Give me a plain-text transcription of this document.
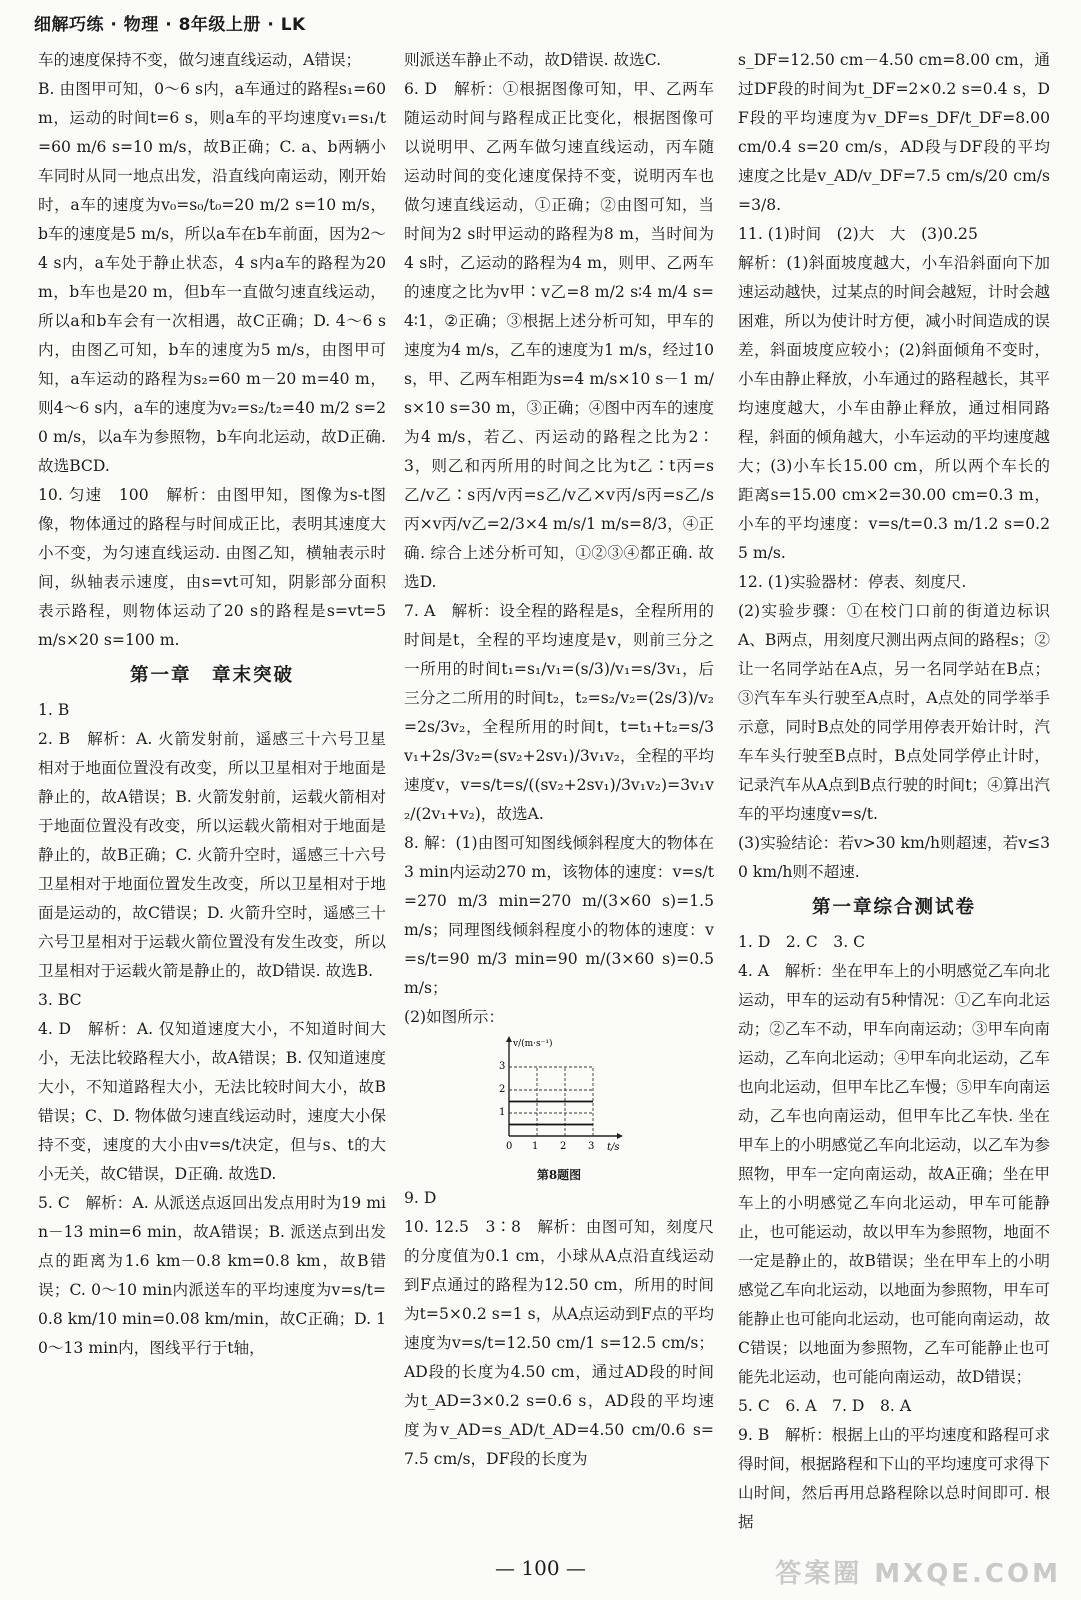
细解巧练 · 物理 · 8年级上册 · LK

车的速度保持不变，做匀速直线运动，A错误；

B. 由图甲可知，0～6 s内，a车通过的路程s₁=60 m，运动的时间t=6 s，则a车的平均速度v₁=s₁/t=60 m/6 s=10 m/s，故B正确；C. a、b两辆小车同时从同一地点出发，沿直线向南运动，刚开始时，a车的速度为v₀=s₀/t₀=20 m/2 s=10 m/s，b车的速度是5 m/s，所以a车在b车前面，因为2～4 s内，a车处于静止状态，4 s内a车的路程为20 m，b车也是20 m，但b车一直做匀速直线运动，所以a和b车会有一次相遇，故C正确；D. 4～6 s内，由图乙可知，b车的速度为5 m/s，由图甲可知，a车运动的路程为s₂=60 m－20 m=40 m，则4～6 s内，a车的速度为v₂=s₂/t₂=40 m/2 s=20 m/s，以a车为参照物，b车向北运动，故D正确. 故选BCD.

10. 匀速　100　解析：由图甲知，图像为s-t图像，物体通过的路程与时间成正比，表明其速度大小不变，为匀速直线运动. 由图乙知，横轴表示时间，纵轴表示速度，由s=vt可知，阴影部分面积表示路程，则物体运动了20 s的路程是s=vt=5 m/s×20 s=100 m.

第一章　章末突破

1. B

2. B　解析：A. 火箭发射前，遥感三十六号卫星相对于地面位置没有改变，所以卫星相对于地面是静止的，故A错误；B. 火箭发射前，运载火箭相对于地面位置没有改变，所以运载火箭相对于地面是静止的，故B正确；C. 火箭升空时，遥感三十六号卫星相对于地面位置发生改变，所以卫星相对于地面是运动的，故C错误；D. 火箭升空时，遥感三十六号卫星相对于运载火箭位置没有发生改变，所以卫星相对于运载火箭是静止的，故D错误. 故选B.

3. BC

4. D　解析：A. 仅知道速度大小，不知道时间大小，无法比较路程大小，故A错误；B. 仅知道速度大小，不知道路程大小，无法比较时间大小，故B错误；C、D. 物体做匀速直线运动时，速度大小保持不变，速度的大小由v=s/t决定，但与s、t的大小无关，故C错误，D正确. 故选D.

5. C　解析：A. 从派送点返回出发点用时为19 min－13 min=6 min，故A错误；B. 派送点到出发点的距离为1.6 km－0.8 km=0.8 km，故B错误；C. 0～10 min内派送车的平均速度为v=s/t=0.8 km/10 min=0.08 km/min，故C正确；D. 10～13 min内，图线平行于t轴，

则派送车静止不动，故D错误. 故选C.

6. D　解析：①根据图像可知，甲、乙两车随运动时间与路程成正比变化，根据图像可以说明甲、乙两车做匀速直线运动，丙车随运动时间的变化速度保持不变，说明丙车也做匀速直线运动，①正确；②由图可知，当时间为2 s时甲运动的路程为8 m，当时间为4 s时，乙运动的路程为4 m，则甲、乙两车的速度之比为v甲∶v乙=8 m/2 s∶4 m/4 s=4∶1，②正确；③根据上述分析可知，甲车的速度为4 m/s，乙车的速度为1 m/s，经过10 s，甲、乙两车相距为s=4 m/s×10 s－1 m/s×10 s=30 m，③正确；④图中丙车的速度为4 m/s，若乙、丙运动的路程之比为2∶3，则乙和丙所用的时间之比为t乙∶t丙=s乙/v乙∶s丙/v丙=s乙/v乙×v丙/s丙=s乙/s丙×v丙/v乙=2/3×4 m/s/1 m/s=8/3，④正确. 综合上述分析可知，①②③④都正确. 故选D.

7. A　解析：设全程的路程是s，全程所用的时间是t，全程的平均速度是v，则前三分之一所用的时间t₁=s₁/v₁=(s/3)/v₁=s/3v₁，后三分之二所用的时间t₂，t₂=s₂/v₂=(2s/3)/v₂=2s/3v₂，全程所用的时间t，t=t₁+t₂=s/3v₁+2s/3v₂=(sv₂+2sv₁)/3v₁v₂，全程的平均速度v，v=s/t=s/((sv₂+2sv₁)/3v₁v₂)=3v₁v₂/(2v₁+v₂)，故选A.

8. 解：(1)由图可知图线倾斜程度大的物体在3 min内运动270 m，该物体的速度：v=s/t=270 m/3 min=270 m/(3×60 s)=1.5 m/s；同理图线倾斜程度小的物体的速度：v=s/t=90 m/3 min=90 m/(3×60 s)=0.5 m/s；

(2)如图所示：

v/(m·s⁻¹)
t/s
1
2
3
0 1 2 3
第8题图

9. D

10. 12.5　3∶8　解析：由图可知，刻度尺的分度值为0.1 cm，小球从A点沿直线运动到F点通过的路程为12.50 cm，所用的时间为t=5×0.2 s=1 s，从A点运动到F点的平均速度为v=s/t=12.50 cm/1 s=12.5 cm/s；AD段的长度为4.50 cm，通过AD段的时间为t_AD=3×0.2 s=0.6 s，AD段的平均速度为v_AD=s_AD/t_AD=4.50 cm/0.6 s=7.5 cm/s，DF段的长度为

s_DF=12.50 cm－4.50 cm=8.00 cm，通过DF段的时间为t_DF=2×0.2 s=0.4 s，DF段的平均速度为v_DF=s_DF/t_DF=8.00 cm/0.4 s=20 cm/s，AD段与DF段的平均速度之比是v_AD/v_DF=7.5 cm/s/20 cm/s=3/8.

11. (1)时间　(2)大　大　(3)0.25

解析：(1)斜面坡度越大，小车沿斜面向下加速运动越快，过某点的时间会越短，计时会越困难，所以为使计时方便，减小时间造成的误差，斜面坡度应较小；(2)斜面倾角不变时，小车由静止释放，小车通过的路程越长，其平均速度越大，小车由静止释放，通过相同路程，斜面的倾角越大，小车运动的平均速度越大；(3)小车长15.00 cm，所以两个车长的距离s=15.00 cm×2=30.00 cm=0.3 m，小车的平均速度：v=s/t=0.3 m/1.2 s=0.25 m/s.

12. (1)实验器材：停表、刻度尺.

(2)实验步骤：①在校门口前的街道边标识A、B两点，用刻度尺测出两点间的路程s；②让一名同学站在A点，另一名同学站在B点；③汽车车头行驶至A点时，A点处的同学举手示意，同时B点处的同学用停表开始计时，汽车车头行驶至B点时，B点处同学停止计时，记录汽车从A点到B点行驶的时间t；④算出汽车的平均速度v=s/t.

(3)实验结论：若v>30 km/h则超速，若v≤30 km/h则不超速.

第一章综合测试卷

1. D　2. C　3. C

4. A　解析：坐在甲车上的小明感觉乙车向北运动，甲车的运动有5种情况：①乙车向北运动；②乙车不动，甲车向南运动；③甲车向南运动，乙车向北运动；④甲车向北运动，乙车也向北运动，但甲车比乙车慢；⑤甲车向南运动，乙车也向南运动，但甲车比乙车快. 坐在甲车上的小明感觉乙车向北运动，以乙车为参照物，甲车一定向南运动，故A正确；坐在甲车上的小明感觉乙车向北运动，甲车可能静止，也可能运动，故以甲车为参照物，地面不一定是静止的，故B错误；坐在甲车上的小明感觉乙车向北运动，以地面为参照物，甲车可能静止也可能向北运动，也可能向南运动，故C错误；以地面为参照物，乙车可能静止也可能先北运动，也可能向南运动，故D错误；

5. C　6. A　7. D　8. A

9. B　解析：根据上山的平均速度和路程可求得时间，根据路程和下山的平均速度可求得下山时间，然后再用总路程除以总时间即可. 根据

— 100 —	答案圈 MXQE.COM
